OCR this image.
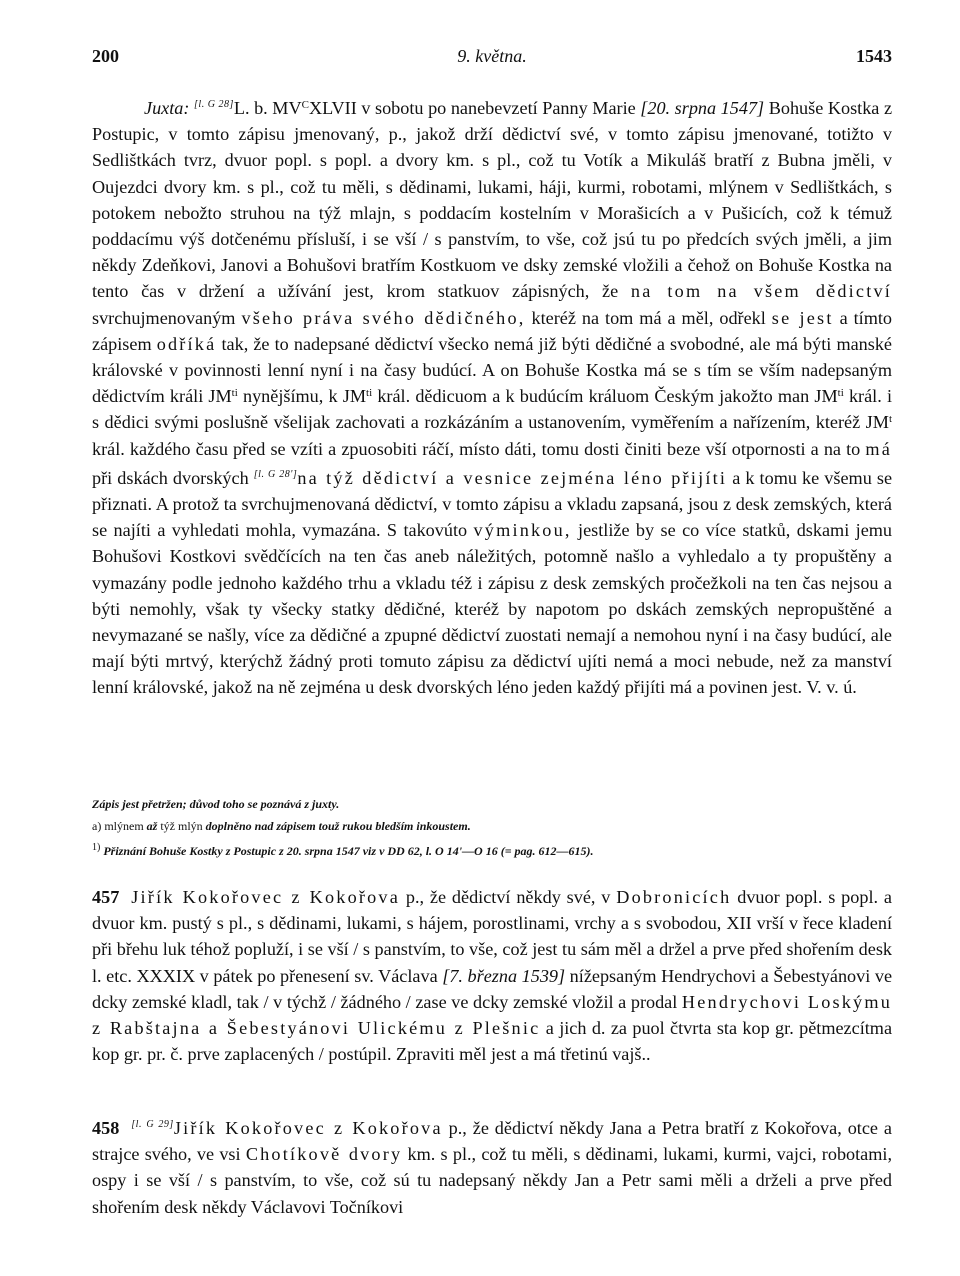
200	9. května.	1543

Juxta: [l. G 28]L. b. $MV^CXLVII$ v sobotu po nanebevzetí Panny Marie [20. srpna 1547] Bohuše Kostka z Postupic, v tomto zápisu jmenovaný, p., jakož drží dědictví své, v tomto zápisu jmenované, totižto v Sedlištkách tvrz, dvuor popl. s popl. a dvory km. s pl., což tu Votík a Mikuláš bratří z Bubna jměli, v Oujezdci dvory km. s pl., což tu měli, s dědinami, lukami, háji, kurmi, robotami, mlýnem v Sedlištkách, s potokem nebožto struhou na týž mlajn, s poddacím kostelním v Morašicích a v Pušicích, což k témuž poddacímu výš dotčenému přísluší, i se vší / s panstvím, to vše, což jsú tu po předcích svých jměli, a jim někdy Zdeňkovi, Janovi a Bohušovi bratřím Kostkuom ve dsky zemské vložili a čehož on Bohuše Kostka na tento čas v držení a užívání jest, krom statkuov zápisných, že na tom na všem dědictví svrchujmenovaným všeho práva svého dědičného, kteréž na tom má a měl, odřekl se jest a tímto zápisem odříká tak, že to nadepsané dědictví všecko nemá již býti dědičné a svobodné, ale má býti manské královské v povinnosti lenní nyní i na časy budúcí. A on Bohuše Kostka má se s tím se vším nadepsaným dědictvím králi $JM^{ti}$ nynějšímu, k $JM^{ti}$ král. dědicuom a k budúcím králuom Českým jakožto man $JM^{ti}$ král. i s dědici svými poslušně všelijak zachovati a rozkázáním a ustanovením, vyměřením a nařízením, kteréž $JM^t$ král. každého času před se vzíti a zpuosobiti ráčí, místo dáti, tomu dosti činiti beze vší otpornosti a na to má při dskách dvorských [l. G 28']na týž dědictví a vesnice zejména léno přijíti a k tomu ke všemu se přiznati. A protož ta svrchujmenovaná dědictví, v tomto zápisu a vkladu zapsaná, jsou z desk zemských, která se najíti a vyhledati mohla, vymazána. S takovúto výminkou, jestliže by se co více statků, dskami jemu Bohušovi Kostkovi svědčících na ten čas aneb náležitých, potomně našlo a vyhledalo a ty propuštěny a vymazány podle jednoho každého trhu a vkladu též i zápisu z desk zemských pročežkoli na ten čas nejsou a býti nemohly, však ty všecky statky dědičné, kteréž by napotom po dskách zemských nepropuštěné a nevymazané se našly, více za dědičné a zpupné dědictví zuostati nemají a nemohou nyní i na časy budúcí, ale mají býti mrtvý, kterýchž žádný proti tomuto zápisu za dědictví ujíti nemá a moci nebude, než za manství lenní královské, jakož na ně zejména u desk dvorských léno jeden každý přijíti má a povinen jest. V. v. ú.

Zápis jest přetržen; důvod toho se poznává z juxty.

a) mlýnem až týž mlýn doplněno nad zápisem touž rukou bledším inkoustem.

$^{1)}$ Přiznání Bohuše Kostky z Postupic z 20. srpna 1547 viz v DD 62, l. O 14'—O 16 (= pag. 612—615).

457 Jiřík Kokořovec z Kokořova p., že dědictví někdy své, v Dobronicích dvuor popl. s popl. a dvuor km. pustý s pl., s dědinami, lukami, s hájem, porostlinami, vrchy a s svobodou, XII vrší v řece kladení při břehu luk téhož popluží, i se vší / s panstvím, to vše, což jest tu sám měl a držel a prve před shořením desk l. etc. XXXIX v pátek po přenesení sv. Václava [7. března 1539] nížepsaným Hendrychovi a Šebestyánovi ve dcky zemské kladl, tak / v týchž / žádného / zase ve dcky zemské vložil a prodal Hendrychovi Loskýmu z Rabštajna a Šebestyánovi Ulickému z Plešnic a jich d. za puol čtvrta sta kop gr. pětmezcítma kop gr. pr. č. prve zaplacených / postúpil. Zpraviti měl jest a má třetinú vajš..

458 [l. G 29]Jiřík Kokořovec z Kokořova p., že dědictví někdy Jana a Petra bratří z Kokořova, otce a strajce svého, ve vsi Chotíkově dvory km. s pl., což tu měli, s dědinami, lukami, kurmi, vajci, robotami, ospy i se vší / s panstvím, to vše, což sú tu nadepsaný někdy Jan a Petr sami měli a drželi a prve před shořením desk někdy Václavovi Točníkovi
